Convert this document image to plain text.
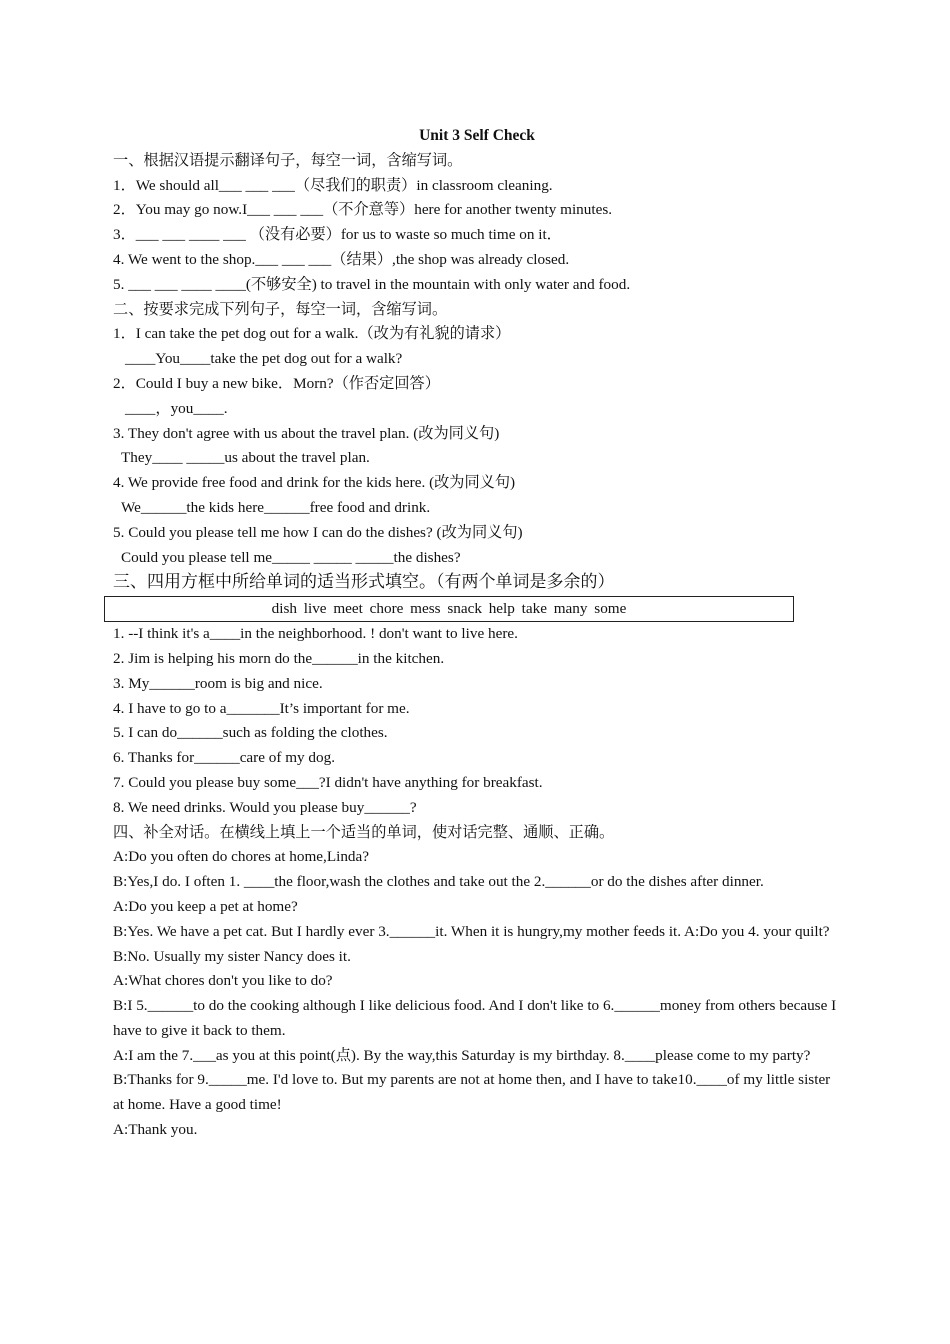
Unit 3 Self Check

一、根据汉语提示翻译句子，每空一词，含缩写词。

1．We should all___ ___ ___（尽我们的职责）in classroom cleaning.

2．You may go now.I___ ___ ___（不介意等）here for another twenty minutes.

3．___ ___ ____ ___ （没有必要）for us to waste so much time on it．

4. We went to the shop.___ ___ ___（结果）,the shop was already closed.

5. ___ ___ ____ ____(不够安全) to travel in the mountain with only water and food.

二、按要求完成下列句子，每空一词，含缩写词。

1．I can take the pet dog out for a walk.（改为有礼貌的请求）

____You____take the pet dog out for a walk?

2．Could I buy a new bike．Morn?（作否定回答）

____，you____.

3. They don't agree with us about the travel plan. (改为同义句)

They____ _____us about the travel plan.

4. We provide free food and drink for the kids here. (改为同义句)

We______the kids here______free food and drink.

5. Could you please tell me how I can do the dishes? (改为同义句)

Could you please tell me_____ _____ _____the dishes?

三、四用方框中所给单词的适当形式填空。（有两个单词是多余的）

dish live meet chore mess snack help take many some

1. --I think it's a____in the neighborhood. ! don't want to live here.

2. Jim is helping his morn do the______in the kitchen.

3. My______room is big and nice.

4. I have to go to a_______It’s important for me.

5. I can do______such as folding the clothes.

6. Thanks for______care of my dog.

7. Could you please buy some___?I didn't have anything for breakfast.

8. We need drinks. Would you please buy______?

四、补全对话。在横线上填上一个适当的单词，使对话完整、通顺、正确。

A:Do you often do chores at home,Linda?

B:Yes,I do. I often 1. ____the floor,wash the clothes and take out the 2.______or do the dishes after dinner.

A:Do you keep a pet at home?

B:Yes. We have a pet cat. But I hardly ever 3.______it. When it is hungry,my mother feeds it. A:Do you 4. your quilt?

B:No. Usually my sister Nancy does it.

A:What chores don't you like to do?

B:I 5.______to do the cooking although I like delicious food. And I don't like to 6.______money from others because I have to give it back to them.

A:I am the 7.___as you at this point(点). By the way,this Saturday is my birthday. 8.____please come to my party?

B:Thanks for 9._____me. I'd love to. But my parents are not at home then, and I have to take10.____of my little sister at home. Have a good time!

A:Thank you.
